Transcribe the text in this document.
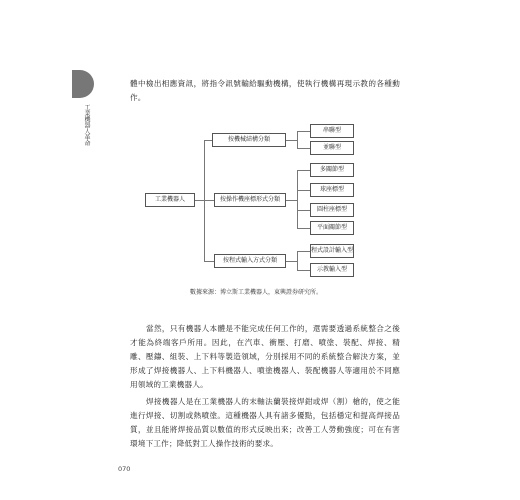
工業機器人革命

體中檢出相應資訊，將指令訊號輸給驅動機構，使執行機構再現示教的各種動作。

工業機器人
按機械結構分類
按操作機座標形式分類
按程式輸入方式分類
串聯型
並聯型
多關節型
球座標型
圓柱座標型
平面關節型
程式設計輸入型
示教輸入型
數據來源：博立斯工業機器人，東興證券研究所。

當然，只有機器人本體是不能完成任何工作的，還需要透過系統整合之後才能為終端客戶所用。因此，在汽車、衝壓、打磨、噴塗、裝配、焊接、精雕、壓鑄、組裝、上下料等製造領域，分別採用不同的系統整合解決方案，並形成了焊接機器人、上下料機器人、噴塗機器人、裝配機器人等適用於不同應用領域的工業機器人。

焊接機器人是在工業機器人的末軸法蘭裝接焊鉗或焊（割）槍的，使之能進行焊接、切割或熱噴塗。這種機器人具有諸多優點，包括穩定和提高焊接品質，並且能將焊接品質以數值的形式反映出來；改善工人勞動強度；可在有害環境下工作；降低對工人操作技術的要求。

070
